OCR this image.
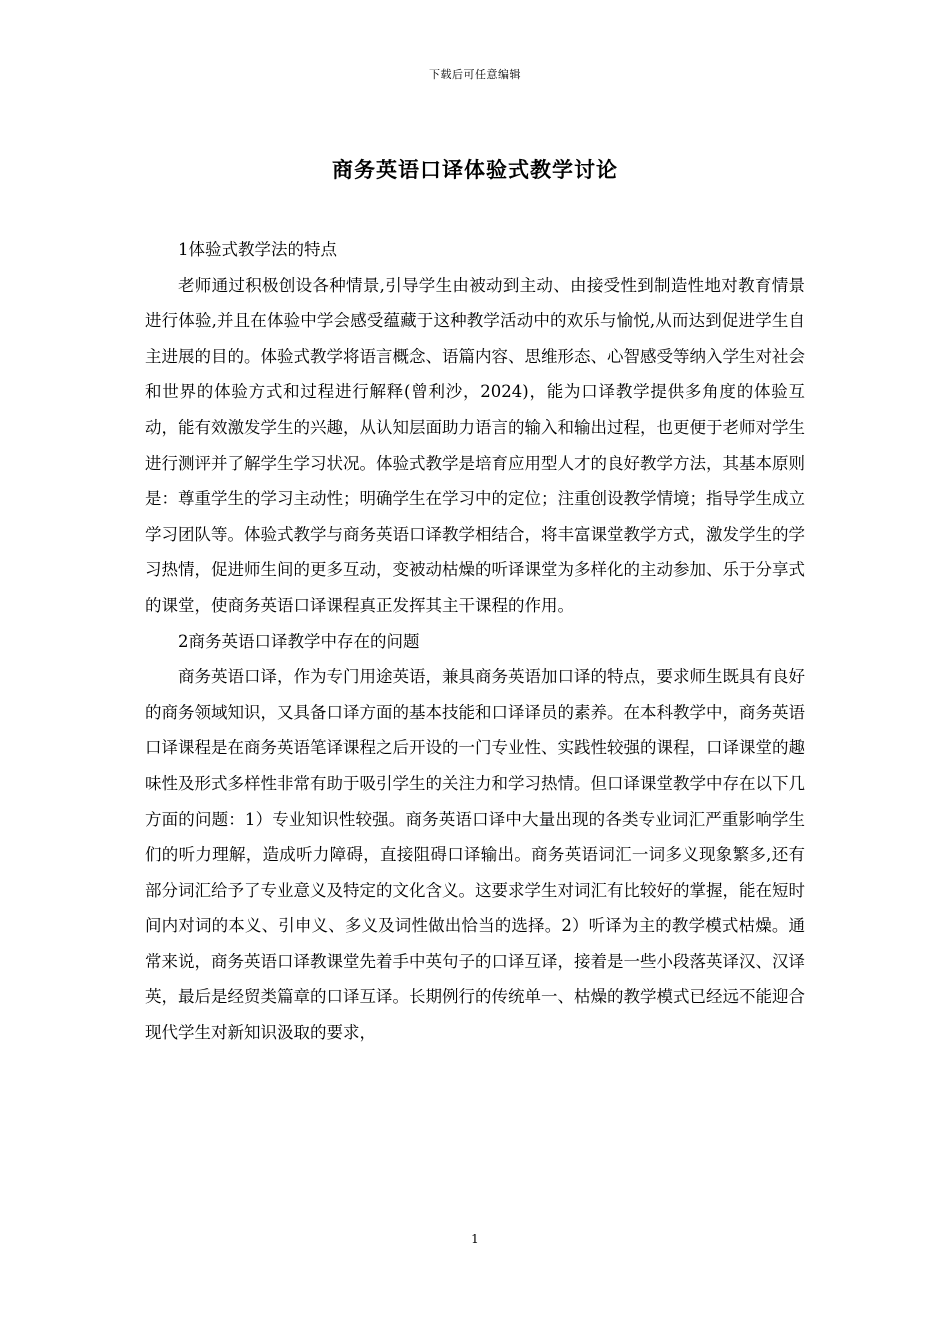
下载后可任意编辑
商务英语口译体验式教学讨论

1体验式教学法的特点

老师通过积极创设各种情景,引导学生由被动到主动、由接受性到制造性地对教育情景进行体验,并且在体验中学会感受蕴藏于这种教学活动中的欢乐与愉悦,从而达到促进学生自主进展的目的。体验式教学将语言概念、语篇内容、思维形态、心智感受等纳入学生对社会和世界的体验方式和过程进行解释(曾利沙，2024)，能为口译教学提供多角度的体验互动，能有效激发学生的兴趣，从认知层面助力语言的输入和输出过程，也更便于老师对学生进行测评并了解学生学习状况。体验式教学是培育应用型人才的良好教学方法，其基本原则是：尊重学生的学习主动性；明确学生在学习中的定位；注重创设教学情境；指导学生成立学习团队等。体验式教学与商务英语口译教学相结合，将丰富课堂教学方式，激发学生的学习热情，促进师生间的更多互动，变被动枯燥的听译课堂为多样化的主动参加、乐于分享式的课堂，使商务英语口译课程真正发挥其主干课程的作用。

2商务英语口译教学中存在的问题

商务英语口译，作为专门用途英语，兼具商务英语加口译的特点，要求师生既具有良好的商务领域知识，又具备口译方面的基本技能和口译译员的素养。在本科教学中，商务英语口译课程是在商务英语笔译课程之后开设的一门专业性、实践性较强的课程，口译课堂的趣味性及形式多样性非常有助于吸引学生的关注力和学习热情。但口译课堂教学中存在以下几方面的问题：1）专业知识性较强。商务英语口译中大量出现的各类专业词汇严重影响学生们的听力理解，造成听力障碍，直接阻碍口译输出。商务英语词汇一词多义现象繁多,还有部分词汇给予了专业意义及特定的文化含义。这要求学生对词汇有比较好的掌握，能在短时间内对词的本义、引申义、多义及词性做出恰当的选择。2）听译为主的教学模式枯燥。通常来说，商务英语口译教课堂先着手中英句子的口译互译，接着是一些小段落英译汉、汉译英，最后是经贸类篇章的口译互译。长期例行的传统单一、枯燥的教学模式已经远不能迎合现代学生对新知识汲取的要求，

1
